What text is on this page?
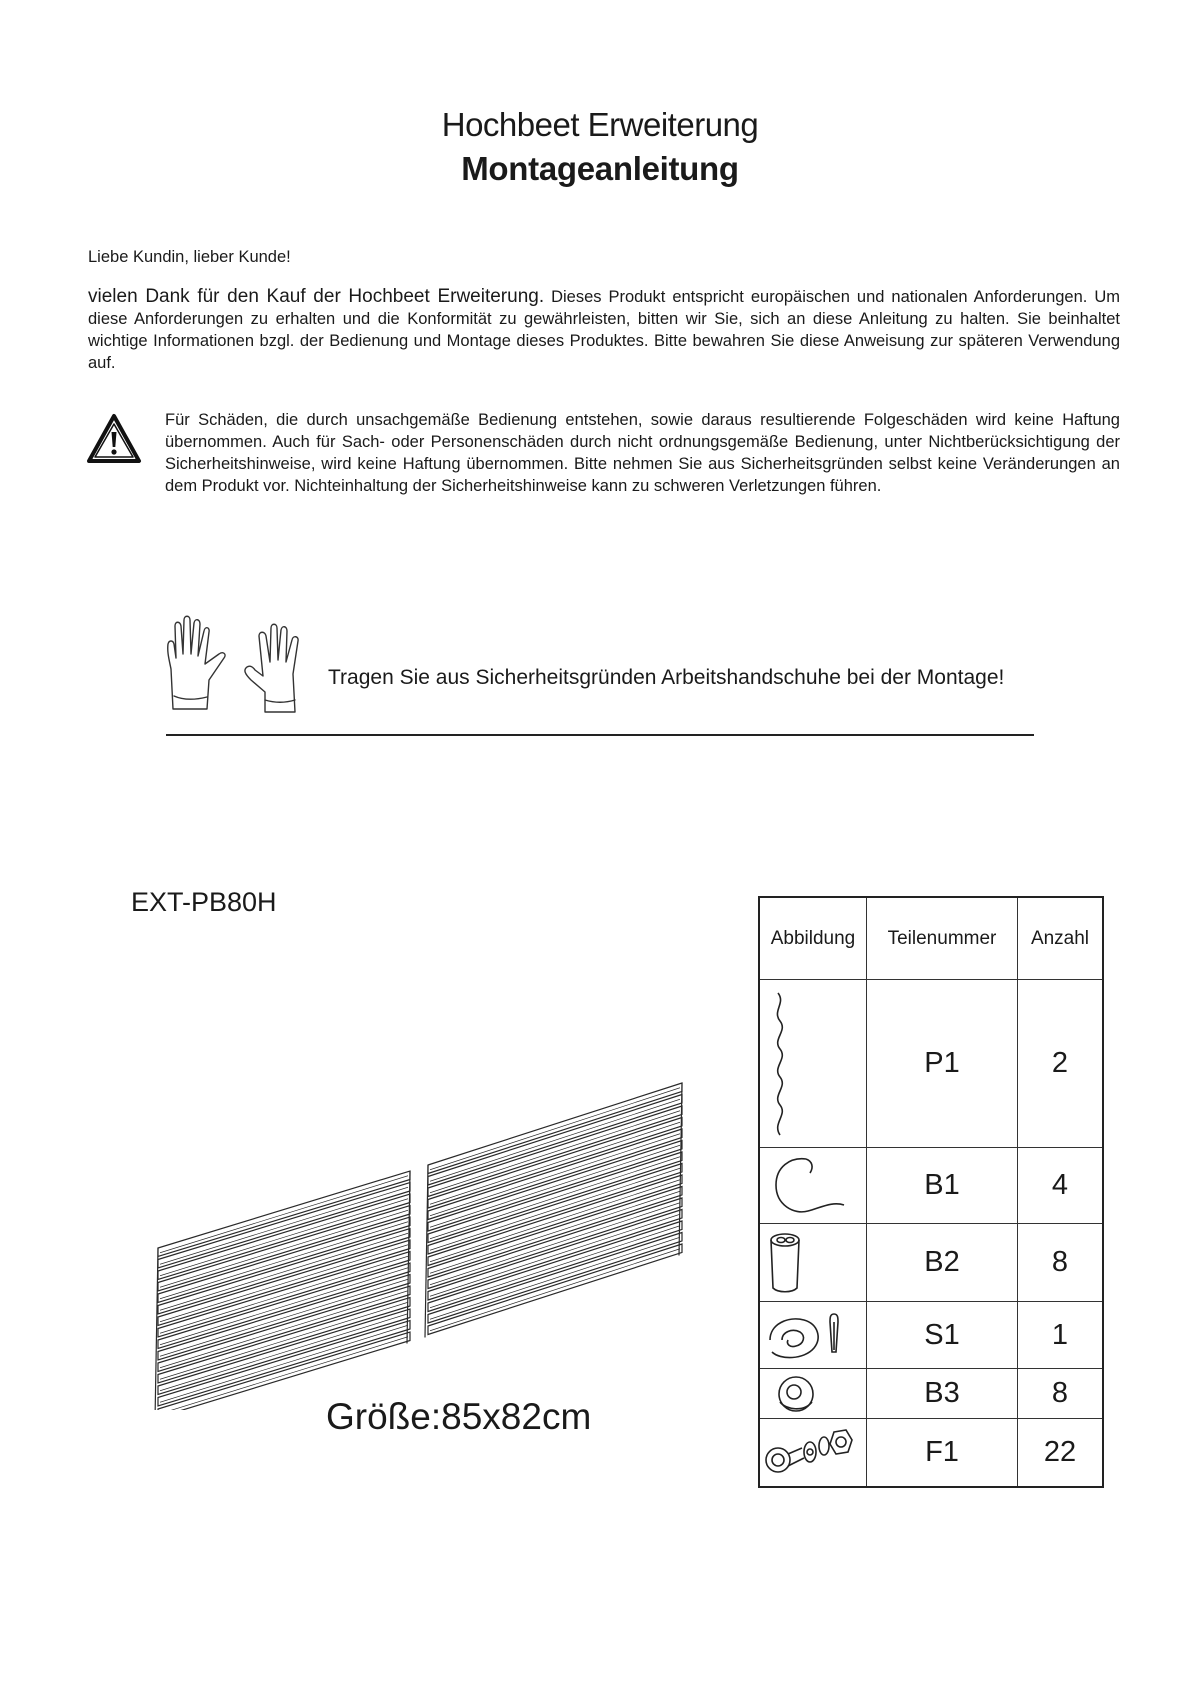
Hochbeet Erweiterung
Montageanleitung
Liebe Kundin, lieber Kunde!
vielen Dank für den Kauf der Hochbeet Erweiterung. Dieses Produkt entspricht europäischen und nationalen Anforderungen. Um diese Anforderungen zu erhalten und die Konformität zu gewährleisten, bitten wir Sie, sich an diese Anleitung zu halten. Sie beinhaltet wichtige Informationen bzgl. der Bedienung und Montage dieses Produktes. Bitte bewahren Sie diese Anweisung zur späteren Verwendung auf.
Für Schäden, die durch unsachgemäße Bedienung entstehen, sowie daraus resultierende Folgeschäden wird keine Haftung übernommen. Auch für Sach- oder Personenschäden durch nicht ordnungsgemäße Bedienung, unter Nichtberücksichtigung der Sicherheitshinweise, wird keine Haftung übernommen. Bitte nehmen Sie aus Sicherheitsgründen selbst keine Veränderungen an dem Produkt vor. Nichteinhaltung der Sicherheitshinweise kann zu schweren Verletzungen führen.
Tragen Sie aus Sicherheitsgründen Arbeitshandschuhe bei der Montage!
EXT-PB80H
Größe:85x82cm
Abbildung	Teilenummer	Anzahl

	P1	2

	B1	4

	B2	8

	S1	1

	B3	8

	F1	22
